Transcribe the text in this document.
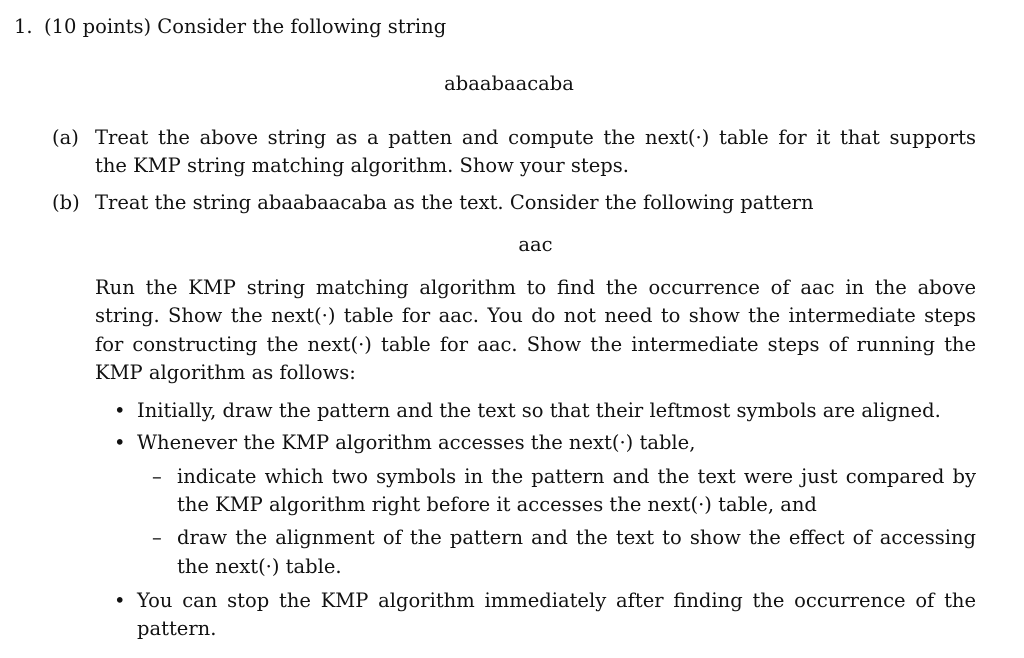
1. (10 points) Consider the following string
abaabaacaba
(a) Treat the above string as a patten and compute the next(·) table for it that supports
the KMP string matching algorithm. Show your steps.
(b) Treat the string abaabaacaba as the text. Consider the following pattern
aac
Run the KMP string matching algorithm to find the occurrence of aac in the above
string. Show the next(·) table for aac. You do not need to show the intermediate steps
for constructing the next(·) table for aac. Show the intermediate steps of running the
KMP algorithm as follows:
• Initially, draw the pattern and the text so that their leftmost symbols are aligned.
• Whenever the KMP algorithm accesses the next(·) table,
– indicate which two symbols in the pattern and the text were just compared by
the KMP algorithm right before it accesses the next(·) table, and
– draw the alignment of the pattern and the text to show the effect of accessing
the next(·) table.
• You can stop the KMP algorithm immediately after finding the occurrence of the
pattern.
